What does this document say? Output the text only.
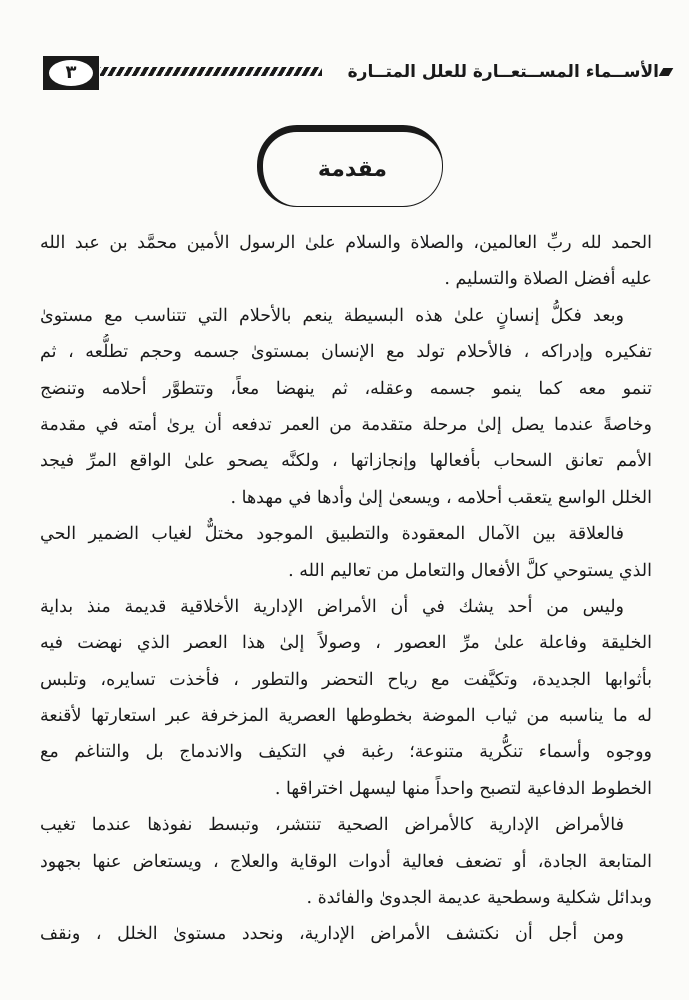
الأســماء المســتعــارة للعلل المتــارة
٣
مقدمة
الحمد لله ربِّ العالمين، والصلاة والسلام علىٰ الرسول الأمين محمَّد بن عبد الله
عليه أفضل الصلاة والتسليم .
وبعد فكلُّ إنسانٍ علىٰ هذه البسيطة ينعم بالأحلام التي تتناسب مع مستوىٰ
تفكيره وإدراكه ، فالأحلام تولد مع الإنسان بمستوىٰ جسمه وحجم تطلُّعه ، ثم
تنمو معه كما ينمو جسمه وعقله، ثم ينهضا معاً، وتتطوَّر أحلامه وتنضج
وخاصةً عندما يصل إلىٰ مرحلة متقدمة من العمر تدفعه أن يرىٰ أمته في مقدمة
الأمم تعانق السحاب بأفعالها وإنجازاتها ، ولكنَّه يصحو علىٰ الواقع المرِّ فيجد
الخلل الواسع يتعقب أحلامه ، ويسعىٰ إلىٰ وأدها في مهدها .
فالعلاقة بين الآمال المعقودة والتطبيق الموجود مختلٌّ لغياب الضمير الحي
الذي يستوحي كلَّ الأفعال والتعامل من تعاليم الله .
وليس من أحد يشك في أن الأمراض الإدارية الأخلاقية قديمة منذ بداية
الخليقة وفاعلة علىٰ مرِّ العصور ، وصولاً إلىٰ هذا العصر الذي نهضت فيه
بأثوابها الجديدة، وتكيَّفت مع رياح التحضر والتطور ، فأخذت تسايره، وتلبس
له ما يناسبه من ثياب الموضة بخطوطها العصرية المزخرفة عبر استعارتها لأقنعة
ووجوه وأسماء تنكُّرية متنوعة؛ رغبة في التكيف والاندماج بل والتناغم مع
الخطوط الدفاعية لتصبح واحداً منها ليسهل اختراقها .
فالأمراض الإدارية كالأمراض الصحية تنتشر، وتبسط نفوذها عندما تغيب
المتابعة الجادة، أو تضعف فعالية أدوات الوقاية والعلاج ، ويستعاض عنها بجهود
وبدائل شكلية وسطحية عديمة الجدوىٰ والفائدة .
ومن أجل أن نكتشف الأمراض الإدارية، ونحدد مستوىٰ الخلل ، ونقف
